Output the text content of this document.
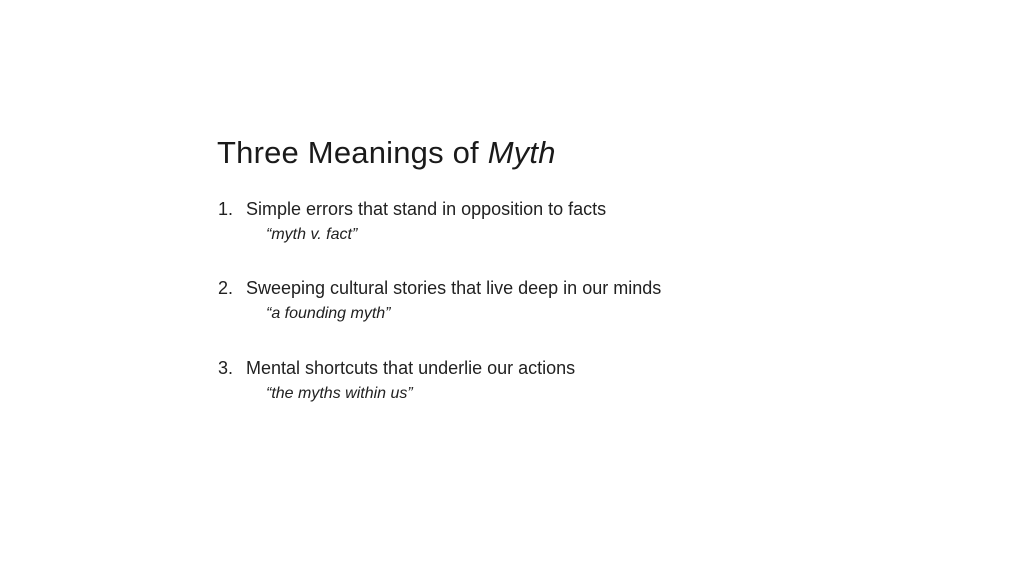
Three Meanings of Myth
1. Simple errors that stand in opposition to facts
“myth v. fact”
2. Sweeping cultural stories that live deep in our minds
“a founding myth”
3. Mental shortcuts that underlie our actions
“the myths within us”
